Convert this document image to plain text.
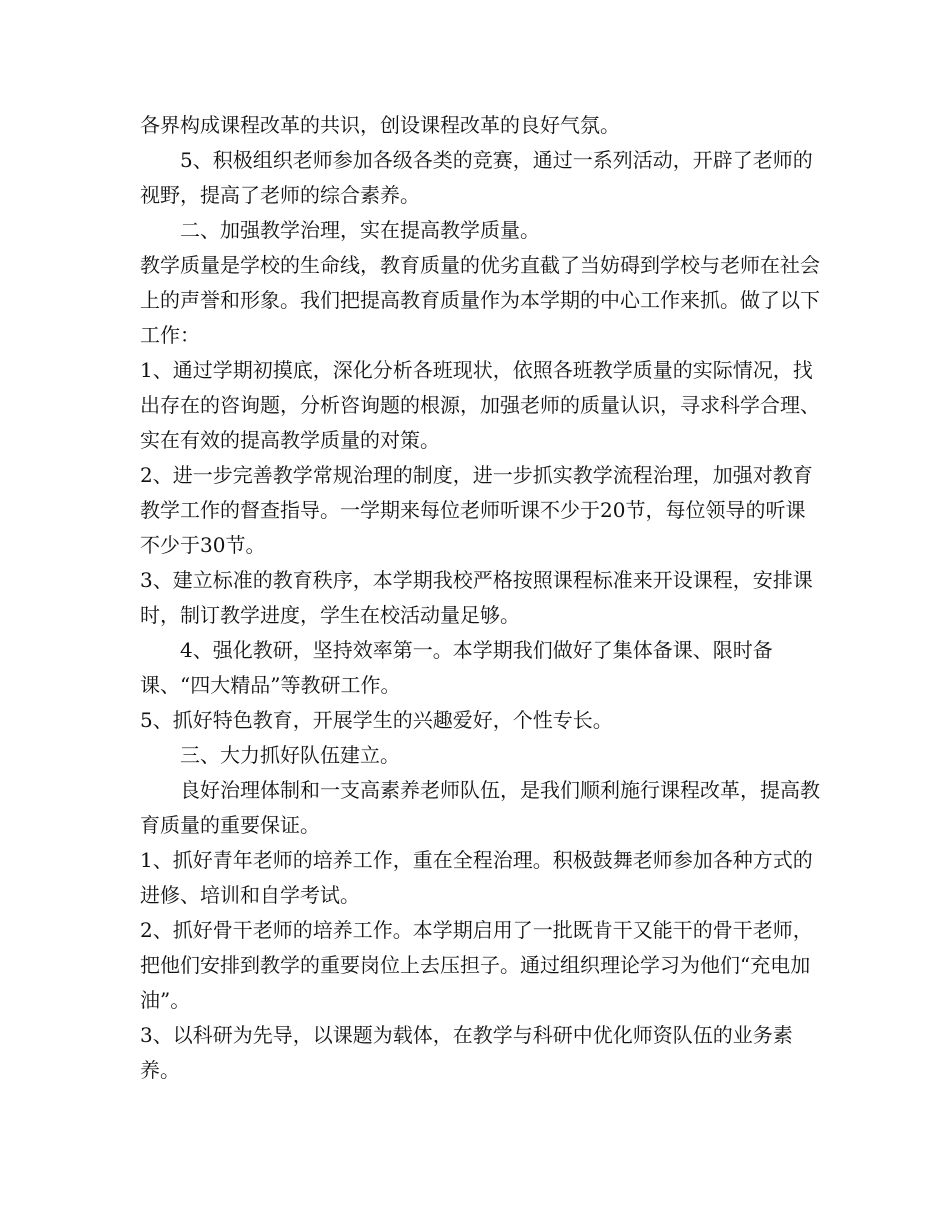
各界构成课程改革的共识，创设课程改革的良好气氛。

5、积极组织老师参加各级各类的竞赛，通过一系列活动，开辟了老师的视野，提高了老师的综合素养。

二、加强教学治理，实在提高教学质量。

教学质量是学校的生命线，教育质量的优劣直截了当妨碍到学校与老师在社会上的声誉和形象。我们把提高教育质量作为本学期的中心工作来抓。做了以下工作：

1、通过学期初摸底，深化分析各班现状，依照各班教学质量的实际情况，找出存在的咨询题，分析咨询题的根源，加强老师的质量认识，寻求科学合理、实在有效的提高教学质量的对策。

2、进一步完善教学常规治理的制度，进一步抓实教学流程治理，加强对教育教学工作的督查指导。一学期来每位老师听课不少于20节，每位领导的听课不少于30节。

3、建立标准的教育秩序，本学期我校严格按照课程标准来开设课程，安排课时，制订教学进度，学生在校活动量足够。

4、强化教研，坚持效率第一。本学期我们做好了集体备课、限时备课、“四大精品”等教研工作。

5、抓好特色教育，开展学生的兴趣爱好，个性专长。

三、大力抓好队伍建立。

良好治理体制和一支高素养老师队伍，是我们顺利施行课程改革，提高教育质量的重要保证。

1、抓好青年老师的培养工作，重在全程治理。积极鼓舞老师参加各种方式的进修、培训和自学考试。

2、抓好骨干老师的培养工作。本学期启用了一批既肯干又能干的骨干老师，把他们安排到教学的重要岗位上去压担子。通过组织理论学习为他们“充电加油”。

3、以科研为先导，以课题为载体，在教学与科研中优化师资队伍的业务素养。
